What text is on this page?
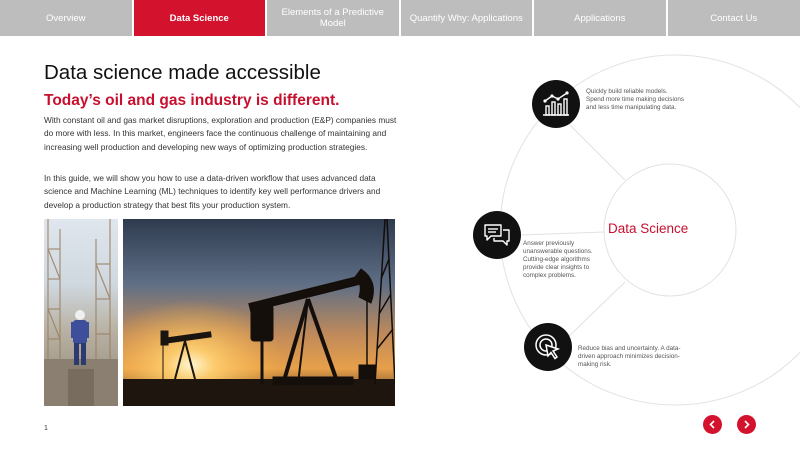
Overview	Data Science	Elements of a Predictive Model	Quantify Why: Applications	Applications	Contact Us
Data science made accessible
Today’s oil and gas industry is different.

With constant oil and gas market disruptions, exploration and production (E&P) companies must do more with less. In this market, engineers face the continuous challenge of maintaining and increasing well production and developing new ways of optimizing production strategies.

In this guide, we will show you how to use a data-driven workflow that uses advanced data science and Machine Learning (ML) techniques to identify key well performance drivers and develop a production strategy that best fits your production system.

1
Data Science
Quickly build reliable models. Spend more time making decisions and less time manipulating data.
Answer previously unanswerable questions. Cutting-edge algorithms provide clear insights to complex problems.
Reduce bias and uncertainty. A data-driven approach minimizes decision-making risk.
